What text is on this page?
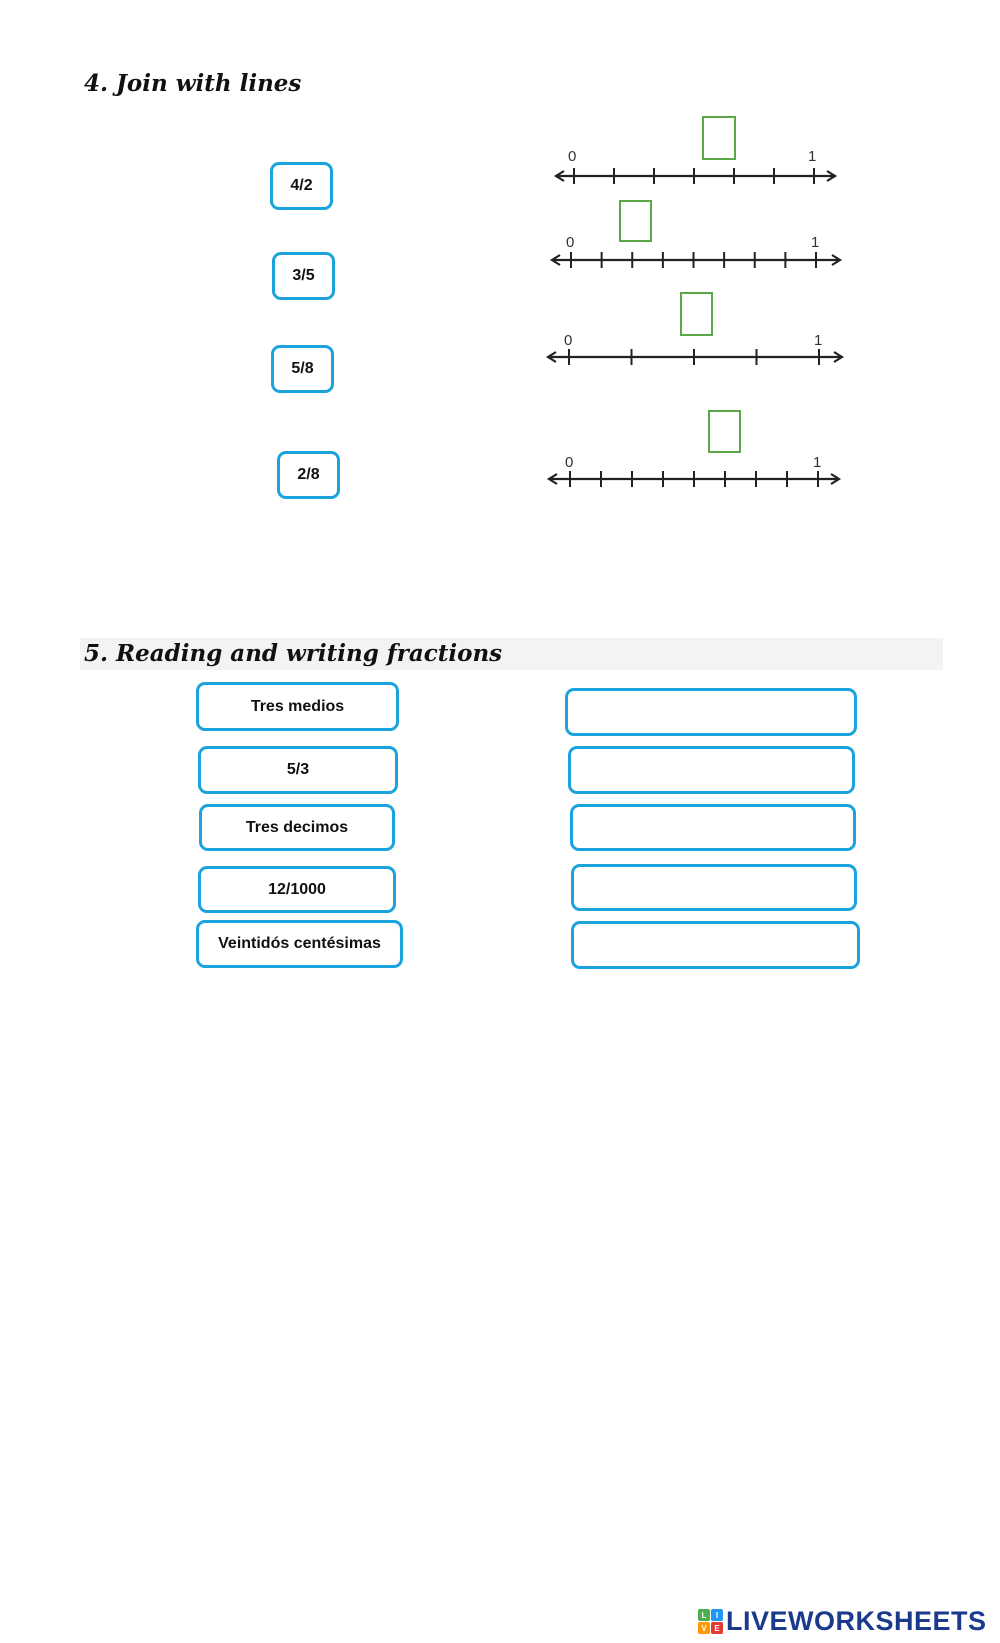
4. Join with lines
4/2
3/5
5/8
2/8
0	1
0	1
0	1
0	1
5. Reading and writing fractions
Tres medios
5/3
Tres decimos
12/1000
Veintidós centésimas
L	I
V E LIVEWORKSHEETS
